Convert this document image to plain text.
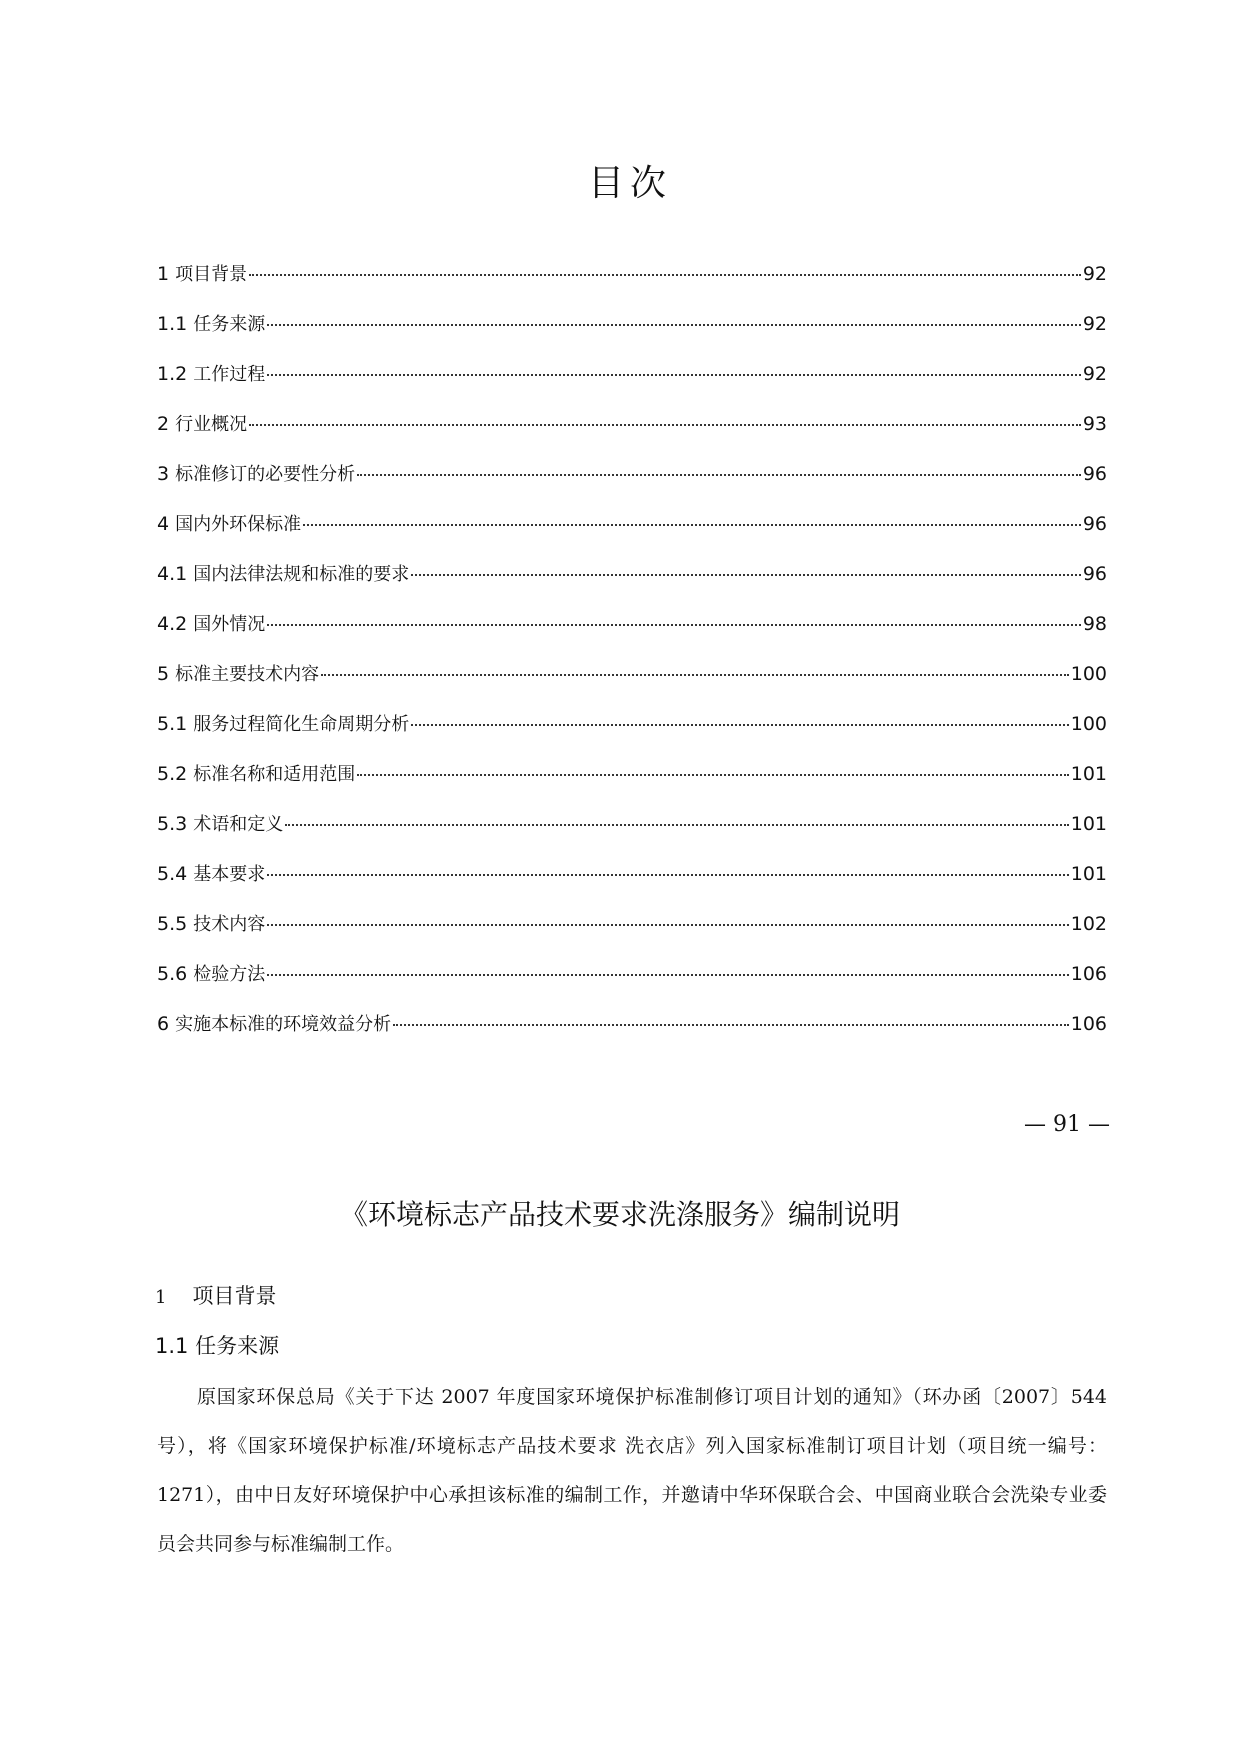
目次
1 项目背景	92
1.1 任务来源	92
1.2 工作过程	92
2 行业概况	93
3 标准修订的必要性分析	96
4 国内外环保标准	96
4.1 国内法律法规和标准的要求	96
4.2 国外情况	98
5 标准主要技术内容	100
5.1 服务过程简化生命周期分析	100
5.2 标准名称和适用范围	101
5.3 术语和定义	101
5.4 基本要求	101
5.5 技术内容	102
5.6 检验方法	106
6 实施本标准的环境效益分析	106
— 91 —
《环境标志产品技术要求洗涤服务》编制说明
1 项目背景
1.1 任务来源
原国家环保总局《关于下达 2007 年度国家环境保护标准制修订项目计划的通知》（环办函〔2007〕544 号），将《国家环境保护标准/环境标志产品技术要求 洗衣店》列入国家标准制订项目计划（项目统一编号：1271），由中日友好环境保护中心承担该标准的编制工作，并邀请中华环保联合会、中国商业联合会洗染专业委员会共同参与标准编制工作。
